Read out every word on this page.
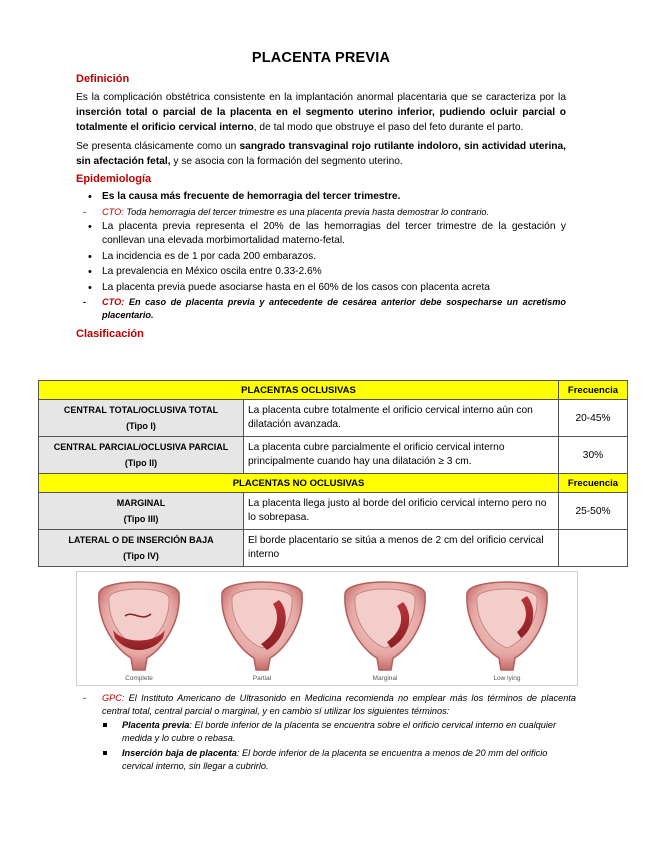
PLACENTA PREVIA
Definición

Es la complicación obstétrica consistente en la implantación anormal placentaria que se caracteriza por la inserción total o parcial de la placenta en el segmento uterino inferior, pudiendo ocluir parcial o totalmente el orificio cervical interno, de tal modo que obstruye el paso del feto durante el parto.

Se presenta clásicamente como un sangrado transvaginal rojo rutilante indoloro, sin actividad uterina, sin afectación fetal, y se asocia con la formación del segmento uterino.

Epidemiología
• Es la causa más frecuente de hemorragia del tercer trimestre.
- CTO: Toda hemorragia del tercer trimestre es una placenta previa hasta demostrar lo contrario.
• La placenta previa representa el 20% de las hemorragias del tercer trimestre de la gestación y conllevan una elevada morbimortalidad materno-fetal.
• La incidencia es de 1 por cada 200 embarazos.
• La prevalencia en México oscila entre 0.33-2.6%
• La placenta previa puede asociarse hasta en el 60% de los casos con placenta acreta
- CTO: En caso de placenta previa y antecedente de cesárea anterior debe sospecharse un acretismo placentario.
Clasificación
PLACENTAS OCLUSIVAS		Frecuencia

CENTRAL TOTAL/OCLUSIVA TOTAL
(Tipo I)	La placenta cubre totalmente el orificio cervical interno aún con dilatación avanzada.	20-45%

CENTRAL PARCIAL/OCLUSIVA PARCIAL
(Tipo II)	La placenta cubre parcialmente el orificio cervical interno principalmente cuando hay una dilatación ≥ 3 cm.	30%
PLACENTAS NO OCLUSIVAS		Frecuencia

MARGINAL
(Tipo III)	La placenta llega justo al borde del orificio cervical interno pero no lo sobrepasa.	25-50%

LATERAL O DE INSERCIÓN BAJA
(Tipo IV)	El borde placentario se sitúa a menos de 2 cm del orificio cervical interno	
Complete	Partial	Marginal	Low lying
- GPC: El Instituto Americano de Ultrasonido en Medicina recomienda no emplear más los términos de placenta central total, central parcial o marginal, y en cambio sí utilizar los siguientes términos:
Placenta previa: El borde inferior de la placenta se encuentra sobre el orificio cervical interno en cualquier medida y lo cubre o rebasa.
Inserción baja de placenta: El borde inferior de la placenta se encuentra a menos de 20 mm del orificio cervical interno, sin llegar a cubrirlo.
